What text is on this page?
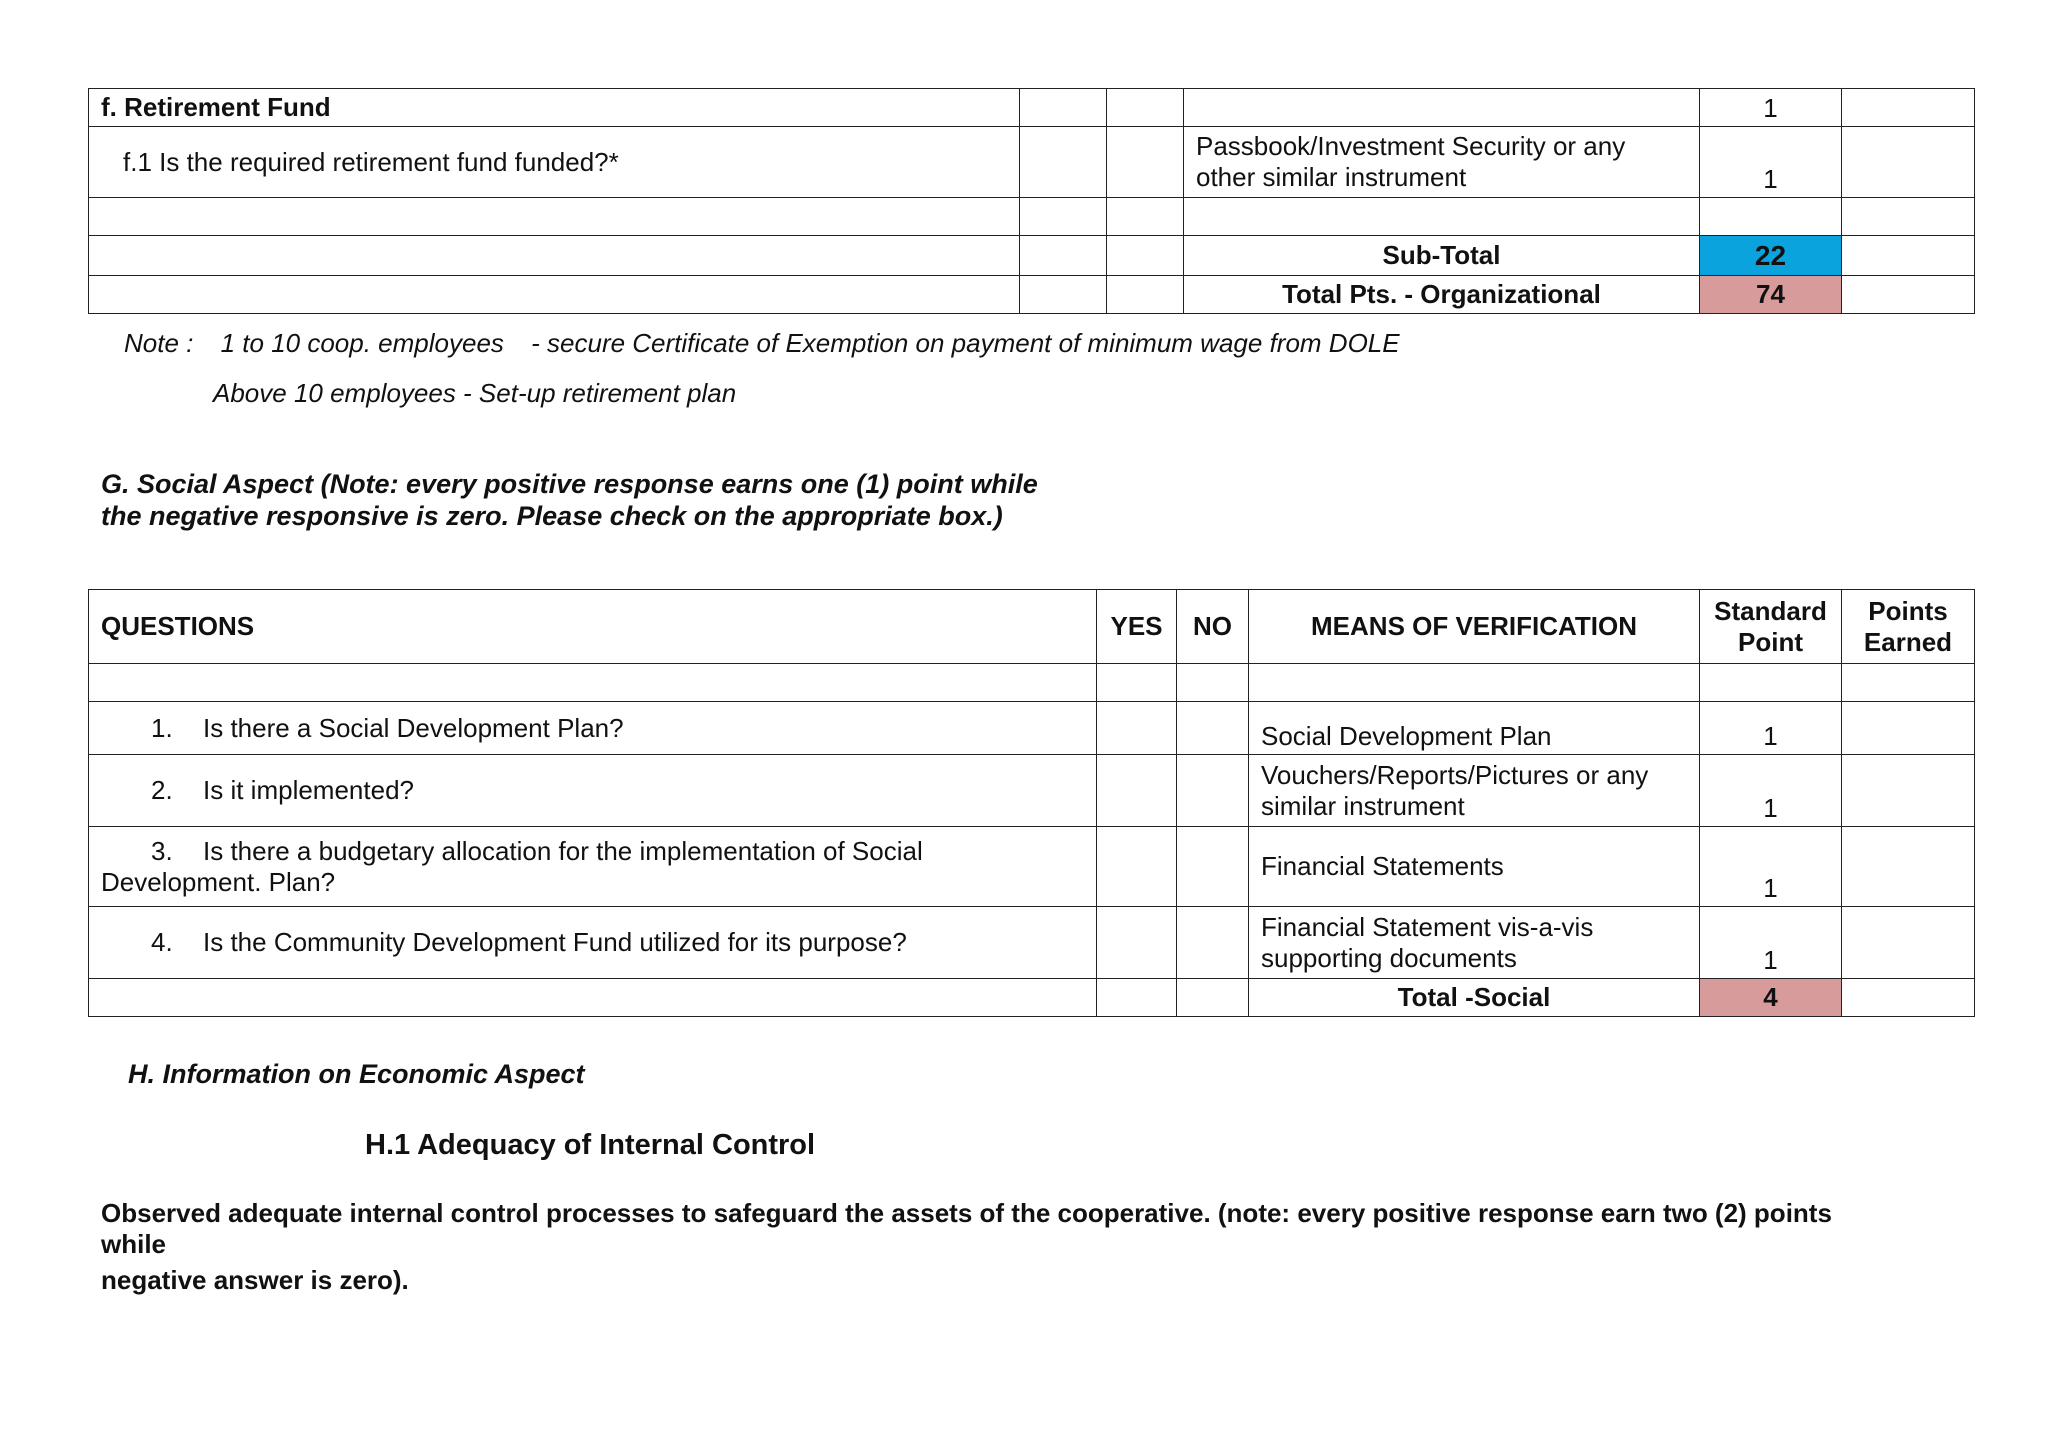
f. Retirement Fund				1	
f.1 Is the required retirement fund funded?*			Passbook/Investment Security or any other similar instrument	1	

			Sub-Total	22	
			Total Pts. - Organizational	74	
Note : 1 to 10 coop. employees - secure Certificate of Exemption on payment of minimum wage from DOLE
Above 10 employees - Set-up retirement plan
G. Social Aspect (Note: every positive response earns one (1) point while
the negative responsive is zero. Please check on the appropriate box.)
QUESTIONS	YES	NO	MEANS OF VERIFICATION	Standard Point	Points Earned

1. Is there a Social Development Plan?			Social Development Plan	1	
2. Is it implemented?			Vouchers/Reports/Pictures or any similar instrument	1	

3. Is there a budgetary allocation for the implementation of Social
Development. Plan?			Financial Statements	1	
4. Is the Community Development Fund utilized for its purpose?			Financial Statement vis-a-vis supporting documents	1	
			Total -Social	4	
H. Information on Economic Aspect
H.1 Adequacy of Internal Control
Observed adequate internal control processes to safeguard the assets of the cooperative. (note: every positive response earn two (2) points
while
negative answer is zero).
